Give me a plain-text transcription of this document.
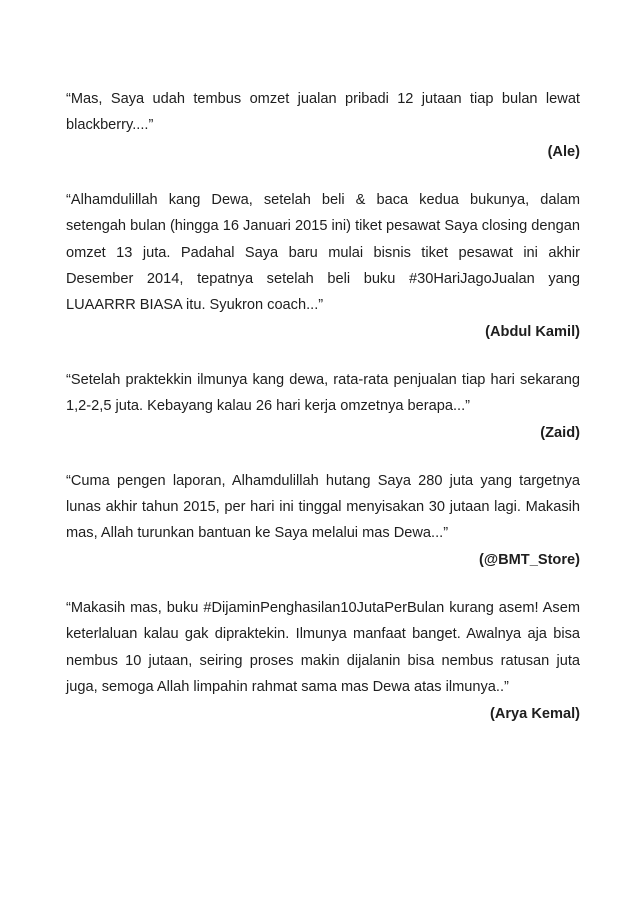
“Mas, Saya udah tembus omzet jualan pribadi 12 jutaan tiap bulan lewat blackberry....”

(Ale)

“Alhamdulillah kang Dewa, setelah beli & baca kedua bukunya, dalam setengah bulan (hingga 16 Januari 2015 ini) tiket pesawat Saya closing dengan omzet 13 juta. Padahal Saya baru mulai bisnis tiket pesawat ini akhir Desember 2014, tepatnya setelah beli buku #30HariJagoJualan yang LUAARRR BIASA itu. Syukron coach...”

(Abdul Kamil)

“Setelah praktekkin ilmunya kang dewa, rata-rata penjualan tiap hari sekarang 1,2-2,5 juta. Kebayang kalau 26 hari kerja omzetnya berapa...”

(Zaid)

“Cuma pengen laporan, Alhamdulillah hutang Saya 280 juta yang targetnya lunas akhir tahun 2015, per hari ini tinggal menyisakan 30 jutaan lagi. Makasih mas, Allah turunkan bantuan ke Saya melalui mas Dewa...”

(@BMT_Store)

“Makasih mas, buku #DijaminPenghasilan10JutaPerBulan kurang asem! Asem keterlaluan kalau gak dipraktekin. Ilmunya manfaat banget. Awalnya aja bisa nembus 10 jutaan, seiring proses makin dijalanin bisa nembus ratusan juta juga, semoga Allah limpahin rahmat sama mas Dewa atas ilmunya..”

(Arya Kemal)
